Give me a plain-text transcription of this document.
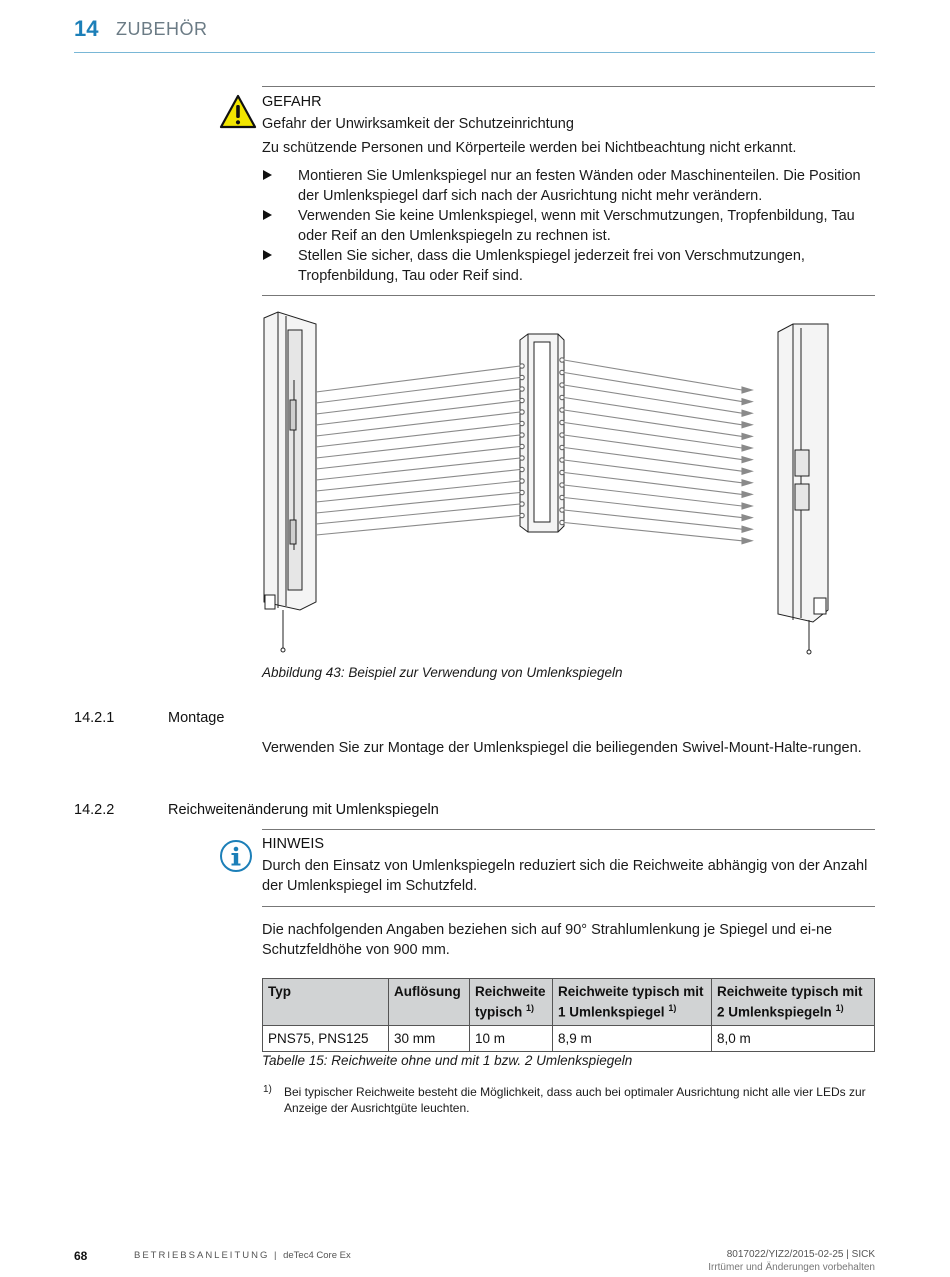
14 ZUBEHÖR
GEFAHR
Gefahr der Unwirksamkeit der Schutzeinrichtung
Zu schützende Personen und Körperteile werden bei Nichtbeachtung nicht erkannt.
Montieren Sie Umlenkspiegel nur an festen Wänden oder Maschinenteilen. Die Position der Umlenkspiegel darf sich nach der Ausrichtung nicht mehr verändern.
Verwenden Sie keine Umlenkspiegel, wenn mit Verschmutzungen, Tropfenbildung, Tau oder Reif an den Umlenkspiegeln zu rechnen ist.
Stellen Sie sicher, dass die Umlenkspiegel jederzeit frei von Verschmutzungen, Tropfenbildung, Tau oder Reif sind.
Abbildung 43: Beispiel zur Verwendung von Umlenkspiegeln
14.2.1	Montage
Verwenden Sie zur Montage der Umlenkspiegel die beiliegenden Swivel-Mount-Halte-rungen.
14.2.2	Reichweitenänderung mit Umlenkspiegeln
HINWEIS
Durch den Einsatz von Umlenkspiegeln reduziert sich die Reichweite abhängig von der Anzahl der Umlenkspiegel im Schutzfeld.
Die nachfolgenden Angaben beziehen sich auf 90° Strahlumlenkung je Spiegel und ei-ne Schutzfeldhöhe von 900 mm.
Typ	Auflösung	Reichweite typisch $^{1)}$	Reichweite typisch mit 1 Umlenkspiegel $^{1)}$	Reichweite typisch mit 2 Umlenkspiegeln $^{1)}$
PNS75, PNS125	30 mm	10 m	8,9 m	8,0 m
Tabelle 15: Reichweite ohne und mit 1 bzw. 2 Umlenkspiegeln
1) Bei typischer Reichweite besteht die Möglichkeit, dass auch bei optimaler Ausrichtung nicht alle vier LEDs zur Anzeige der Ausrichtgüte leuchten.
68	BETRIEBSANLEITUNG | deTec4 Core Ex	8017022/YIZ2/2015-02-25 | SICK
Irrtümer und Änderungen vorbehalten
